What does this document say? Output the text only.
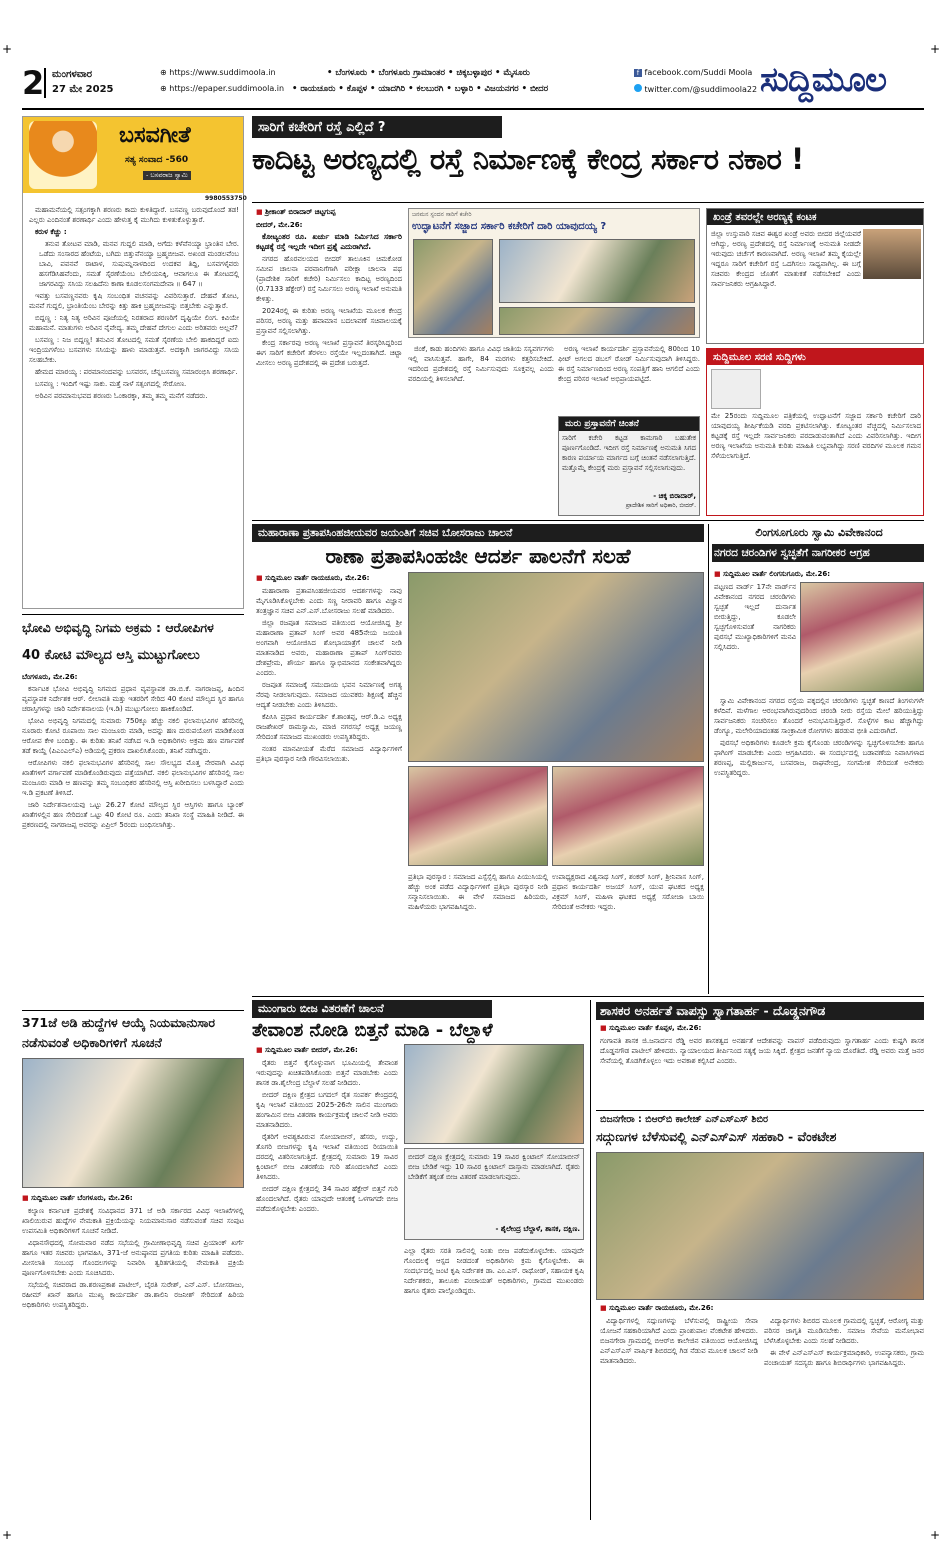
+	+
+	+
2 ಮಂಗಳವಾರ
27 ಮೇ 2025
⊕ https://www.suddimoola.in
⊕ https://epaper.suddimoola.in
• ಬೆಂಗಳೂರು • ಬೆಂಗಳೂರು ಗ್ರಾಮಾಂತರ • ಚಿಕ್ಕಬಳ್ಳಾಪುರ • ಮೈಸೂರು
• ರಾಯಚೂರು • ಕೊಪ್ಪಳ • ಯಾದಗಿರಿ • ಕಲಬುರಗಿ • ಬಳ್ಳಾರಿ • ವಿಜಯನಗರ • ಬೀದರ
f facebook.com/Suddi Moola
twitter.com/@suddimoola22 ಸುದ್ದಿಮೂಲ
ಬಸವಗೀತೆ
ಸತ್ಯ ಸಂವಾದ -560
- ಬಸವರಾಜ ಸ್ವಾಮಿ
9980553750

ಮಹಾಮನೆಯಲ್ಲಿ ಸತ್ಸಂಗಕ್ಕಾಗಿ ಶರಣರು ಕಾದು ಕುಳಿತಿದ್ದಾರೆ. ಬಸವಣ್ಣ ಬರುವುದೊಂದೆ ತಡ! ಎಲ್ಲರು ಎಂದಿನಂತೆ ಶರಣಾರ್ಥಿ ಎಂದು ಹೇಳುತ್ತ ಕೈ ಮುಗಿದು ಕುಳಿತುಕೊಳ್ಳುತ್ತಾರೆ.

ಕರುಳ ಕೆಚ್ಚು :

ತನುವ ತೋಟವ ಮಾಡಿ, ಮನವ ಗುದ್ದಲಿ ಮಾಡಿ, ಅಗೆದು ಕಳೆವೆನಯ್ಯಾ ಭ್ರಾಂತಿನ ಬೇರ. ಒಡೆದು ಸಂಸಾರದ ಹೆಂಟೆಯ, ಬಗಿದು ಬಿತ್ತುವೆನಯ್ಯಾ ಬ್ರಹ್ಮಬೀಜವ. ಅಖಂಡ ಮಂಡಲವೆಂಬ ಬಾವಿ, ಪವನವೆ ರಾಟಾಳ, ಸುಷುಮ್ನನಾಳದಿಂದ ಉದಕವ ತಿದ್ದಿ, ಬಸವಗಳೈವರು ಹಸಗೆಡಿಸಿಹವೆಂದು, ಸಮತೆ ಸೈರಣೆಯೆಂಬ ಬೇಲಿಯನಿಕ್ಕಿ, ಆವಾಗಲೂ ಈ ತೋಟದಲ್ಲಿ ಜಾಗರವಿದ್ದು ಸಸಿಯ ಸಲಹಿದೆನು ಕಾಣಾ ಕೂಡಲಸಂಗಮದೇವಾ ॥ 647 ॥

ಇವತ್ತು ಬಸವಣ್ಣನವರು ಕೃಷಿ ಸಂಬಂಧಿತ ವಚನವನ್ನು ವಿವರಿಸುತ್ತಾರೆ. ದೇಹವೆ ತೋಟ, ಮನವೆ ಗುದ್ದಲಿ, ಭ್ರಾಂತಿಯೆಂಬ ಬೇರನ್ನು ಕಿತ್ತು ಹಾಕಿ ಬ್ರಹ್ಮಬೀಜವನ್ನು ಬಿತ್ತಬೇಕು ಎನ್ನುತ್ತಾರೆ.

ಬಿದ್ದಣ್ಣ : ನಿತ್ಯ ನಿತ್ಯ ಅರಿವಿನ ಪೂಜೆಯಲ್ಲಿ ನಿರತರಾದ ಶರಣರಿಗೆ ದೃಷ್ಟಿಯೇ ಲಿಂಗ. ಕಿವಿಯೇ ಮಹಾಮನೆ. ಮಾತುಗಳು ಅರಿವಿನ ನೈವೇದ್ಯ. ತಮ್ಮ ದೇಹವೆ ದೇಗುಲ ಎಂದು ಅರಿತವರು ಅಲ್ಲವೆ?

ಬಸವಣ್ಣ : ನಿಜ ಬಿದ್ದಣ್ಣ! ತನುವಿನ ತೋಟದಲ್ಲಿ ಸಮತೆ ಸೈರಣೆಯ ಬೇಲಿ ಹಾಕದಿದ್ದರೆ ಐದು ಇಂದ್ರಿಯಗಳೆಂಬ ಬಸವಗಳು ಸಸಿಯನ್ನು ಹಾಳು ಮಾಡುತ್ತವೆ. ಅದಕ್ಕಾಗಿ ಜಾಗರವಿದ್ದು ಸಸಿಯ ಸಲಹಬೇಕು.

ಹೇಮದ ಮಾರಯ್ಯ : ಪರಮಾನಂದವನ್ನು ಬಸವರಸ, ಚೆನ್ನಬಸವಣ್ಣ ಸಮಾರಂಭಿಸಿ ಶರಣಾರ್ಥಿ.

ಬಸವಣ್ಣ : ಇಂದಿಗೆ ಇಷ್ಟು ಸಾಕು. ಮತ್ತೆ ನಾಳೆ ಸತ್ಸಂಗದಲ್ಲಿ ಸೇರೋಣ.

ಅರಿವಿನ ಪರಮಾನುಭವದ ಶರಣರು ಓಂಕಾರಕ್ಕಾ, ತಮ್ಮ ತಮ್ಮ ಮನೆಗೆ ನಡೆದರು.

ಸಾರಿಗೆ ಕಚೇರಿಗೆ ರಸ್ತೆ ಎಲ್ಲಿದೆ ?
ಕಾದಿಟ್ಟ ಅರಣ್ಯದಲ್ಲಿ ರಸ್ತೆ ನಿರ್ಮಾಣಕ್ಕೆ ಕೇಂದ್ರ ಸರ್ಕಾರ ನಕಾರ !
■ ಶ್ರೀಕಾಂತ್ ಬಿರಾದಾರ್ ಚಿಟ್ಟಗುಪ್ಪ

ಬೀದರ್, ಮೇ.26:

ಕೋಟ್ಯಂತರ ರೂ. ಖರ್ಚು ಮಾಡಿ ನಿರ್ಮಿಸಿದ ಸರ್ಕಾರಿ ಕಟ್ಟಡಕ್ಕೆ ರಸ್ತೆ ಇಲ್ಲದೇ ಇದೀಗ ಪ್ರಶ್ನೆ ಎದುರಾಗಿದೆ.

ನಗರದ ಹೊರವಲಯದ ಬೀದರ್ ತಾಲೂಕಿನ ಚಿಮಕೋಡ ಸಮೀಪ ಚಾಲನಾ ಪರವಾನಿಗೆಗಾಗಿ ಪರೀಕ್ಷಾ ಚಾಲನಾ ಪಥ (ಪ್ರಾದೇಶಿಕ ಸಾರಿಗೆ ಕಚೇರಿ) ನಿರ್ಮಿಸಲು ಕಾದಿಟ್ಟ ಅರಣ್ಯದಿಂದ (0.7133 ಹೆಕ್ಟೇರ್) ರಸ್ತೆ ನಿರ್ಮಿಸಲು ಅರಣ್ಯ ಇಲಾಖೆ ಅನುಮತಿ ಕೇಳಿತ್ತು.

2024ರಲ್ಲಿ ಈ ಕುರಿತು ಅರಣ್ಯ ಇಲಾಖೆಯ ಮೂಲಕ ಕೇಂದ್ರ ಪರಿಸರ, ಅರಣ್ಯ ಮತ್ತು ಹವಾಮಾನ ಬದಲಾವಣೆ ಸಚಿವಾಲಯಕ್ಕೆ ಪ್ರಸ್ತಾವನೆ ಸಲ್ಲಿಸಲಾಗಿತ್ತು.

ಕೇಂದ್ರ ಸರ್ಕಾರವು ಅರಣ್ಯ ಇಲಾಖೆ ಪ್ರಸ್ತಾವನೆ ತಿರಸ್ಕರಿಸಿದ್ದರಿಂದ ಈಗ ಸಾರಿಗೆ ಕಚೇರಿಗೆ ತೆರಳಲು ರಸ್ತೆಯೇ ಇಲ್ಲದಂತಾಗಿದೆ. ಚಿಟ್ಟಾ ಮೀಸಲು ಅರಣ್ಯ ಪ್ರದೇಶದಲ್ಲಿ ಈ ಪ್ರದೇಶ ಬರುತ್ತದೆ.

ಜನಮನ ಸ್ಪಂದನ ಸಾರಿಗೆ ಕಚೇರಿ
ಉದ್ಘಾಟನೆಗೆ ಸಜ್ಜಾದ ಸರ್ಕಾರಿ ಕಚೇರಿಗೆ ದಾರಿ ಯಾವುದಯ್ಯ ?

ಜಿಂಕೆ, ಕಾಡು ಹಂದಿಗಳು ಹಾಗೂ ವಿವಿಧ ಜಾತಿಯ ಸಸ್ಯವರ್ಗಗಳು ಇಲ್ಲಿ ವಾಸಿಸುತ್ತವೆ. ಹಾಗೇ, 84 ಮರಗಳು ಕತ್ತರಿಸಬೇಕಿದೆ. ಇದರಿಂದ ಪ್ರದೇಶದಲ್ಲಿ ರಸ್ತೆ ನಿರ್ಮಿಸುವುದು ಸೂಕ್ತವಲ್ಲ ಎಂದು ವರದಿಯಲ್ಲಿ ತಿಳಿಸಲಾಗಿದೆ.

ಅರಣ್ಯ ಇಲಾಖೆ ಕಾರ್ಯದರ್ಶಿ ಪ್ರಸ್ತಾವನೆಯಲ್ಲಿ 80ರಿಂದ 10 ಫೀಟ್ ಅಗಲದ ಡಬಲ್ ರೋಡ್ ನಿರ್ಮಿಸುವುದಾಗಿ ತಿಳಿಸಿದ್ದರು. ಈ ರಸ್ತೆ ನಿರ್ಮಾಣದಿಂದ ಅರಣ್ಯ ಸಂಪತ್ತಿಗೆ ಹಾನಿ ಆಗಲಿದೆ ಎಂದು ಕೇಂದ್ರ ಪರಿಸರ ಇಲಾಖೆ ಅಭಿಪ್ರಾಯಪಟ್ಟಿದೆ.

ಖಂಡ್ರೆ ತವರಲ್ಲೇ ಅರಣ್ಯಕ್ಕೆ ಕಂಟಕ
ಜಿಲ್ಲಾ ಉಸ್ತುವಾರಿ ಸಚಿವ ಈಶ್ವರ ಖಂಡ್ರೆ ಅವರು ಬೀದರ ಜಿಲ್ಲೆಯವರೆ ಆಗಿದ್ದು, ಅರಣ್ಯ ಪ್ರದೇಶದಲ್ಲಿ ರಸ್ತೆ ನಿರ್ಮಾಣಕ್ಕೆ ಅನುಮತಿ ನೀಡದೇ ಇರುವುದು ಚರ್ಚೆಗೆ ಕಾರಣವಾಗಿದೆ. ಅರಣ್ಯ ಇಲಾಖೆ ತಮ್ಮ ಕೈಯಲ್ಲೇ ಇದ್ದರೂ ಸಾರಿಗೆ ಕಚೇರಿಗೆ ರಸ್ತೆ ಒದಗಿಸಲು ಸಾಧ್ಯವಾಗಿಲ್ಲ. ಈ ಬಗ್ಗೆ ಸಚಿವರು ಕೇಂದ್ರದ ಜೊತೆಗೆ ಮಾತುಕತೆ ನಡೆಸಬೇಕಿದೆ ಎಂದು ಸಾರ್ವಜನಿಕರು ಆಗ್ರಹಿಸಿದ್ದಾರೆ.
ಸುದ್ದಿಮೂಲ ಸರಣಿ ಸುದ್ದಿಗಳು
ಮೇ 25ರಂದು ಸುದ್ದಿಮೂಲ ಪತ್ರಿಕೆಯಲ್ಲಿ ಉದ್ಘಾಟನೆಗೆ ಸಜ್ಜಾದ ಸರ್ಕಾರಿ ಕಚೇರಿಗೆ ದಾರಿ ಯಾವುದಯ್ಯ ಶೀರ್ಷಿಕೆಯಡಿ ವರದಿ ಪ್ರಕಟಿಸಲಾಗಿತ್ತು. ಕೋಟ್ಯಂತರ ವೆಚ್ಚದಲ್ಲಿ ನಿರ್ಮಿಸಲಾದ ಕಟ್ಟಡಕ್ಕೆ ರಸ್ತೆ ಇಲ್ಲದೇ ಸಾರ್ವಜನಿಕರು ಪರದಾಡುವಂತಾಗಿದೆ ಎಂದು ವಿವರಿಸಲಾಗಿತ್ತು. ಇದೀಗ ಅರಣ್ಯ ಇಲಾಖೆಯ ಅನುಮತಿ ಕುರಿತು ಮಾಹಿತಿ ಲಭ್ಯವಾಗಿದ್ದು ಸರಣಿ ವರದಿಗಳ ಮೂಲಕ ಗಮನ ಸೆಳೆಯಲಾಗುತ್ತಿದೆ.
ಭೋವಿ ಅಭಿವೃದ್ಧಿ ನಿಗಮ ಅಕ್ರಮ : ಆರೋಪಿಗಳ
40 ಕೋಟಿ ಮೌಲ್ಯದ ಆಸ್ತಿ ಮುಟ್ಟುಗೋಲು

ಬೆಂಗಳೂರು, ಮೇ.26:

ಕರ್ನಾಟಕ ಭೋವಿ ಅಭಿವೃದ್ಧಿ ನಿಗಮದ ಪ್ರಧಾನ ವ್ಯವಸ್ಥಾಪಕ ಡಾ.ಬಿ.ಕೆ. ನಾಗರಾಜಪ್ಪ, ಹಿಂದಿನ ವ್ಯವಸ್ಥಾಪಕ ನಿರ್ದೇಶಕ ಆರ್. ಲೀಲಾವತಿ ಮತ್ತು ಇತರರಿಗೆ ಸೇರಿದ 40 ಕೋಟಿ ಮೌಲ್ಯದ ಸ್ಥಿರ ಹಾಗೂ ಚರಾಸ್ತಿಗಳನ್ನು ಜಾರಿ ನಿರ್ದೇಶನಾಲಯ (ಇ.ಡಿ) ಮುಟ್ಟುಗೋಲು ಹಾಕಿಕೊಂಡಿದೆ.

ಭೋವಿ ಅಭಿವೃದ್ಧಿ ನಿಗಮದಲ್ಲಿ ಸುಮಾರು 750ಕ್ಕೂ ಹೆಚ್ಚು ನಕಲಿ ಫಲಾನುಭವಿಗಳ ಹೆಸರಿನಲ್ಲಿ ನೂರಾರು ಕೋಟಿ ರೂಪಾಯಿ ಸಾಲ ಮಂಜೂರು ಮಾಡಿ, ಅದನ್ನು ಹಣ ದುರುಪಯೋಗ ಮಾಡಿಕೊಂಡ ಆರೋಪ ಕೇಳಿ ಬಂದಿತ್ತು. ಈ ಕುರಿತು ತನಿಖೆ ನಡೆಸಿದ ಇ.ಡಿ ಅಧಿಕಾರಿಗಳು ಅಕ್ರಮ ಹಣ ವರ್ಗಾವಣೆ ತಡೆ ಕಾಯ್ದೆ (ಪಿಎಂಎಲ್‌ಎ) ಅಡಿಯಲ್ಲಿ ಪ್ರಕರಣ ದಾಖಲಿಸಿಕೊಂಡು, ತನಿಖೆ ನಡೆಸಿದ್ದರು.

ಆರೋಪಿಗಳು ನಕಲಿ ಫಲಾನುಭವಿಗಳ ಹೆಸರಿನಲ್ಲಿ ಸಾಲ ಸೌಲಭ್ಯದ ಮೊತ್ತ ನೇರವಾಗಿ ವಿವಿಧ ಖಾತೆಗಳಿಗೆ ವರ್ಗಾವಣೆ ಮಾಡಿಕೊಂಡಿರುವುದು ಪತ್ತೆಯಾಗಿದೆ. ನಕಲಿ ಫಲಾನುಭವಿಗಳ ಹೆಸರಿನಲ್ಲಿ ಸಾಲ ಮಂಜೂರು ಮಾಡಿ ಆ ಹಣವನ್ನು ತಮ್ಮ ಸಂಬಂಧಿಕರ ಹೆಸರಿನಲ್ಲಿ ಆಸ್ತಿ ಖರೀದಿಸಲು ಬಳಸಿದ್ದಾರೆ ಎಂದು ಇ.ಡಿ ಪ್ರಕಟಣೆ ತಿಳಿಸಿದೆ.

ಜಾರಿ ನಿರ್ದೇಶನಾಲಯವು ಒಟ್ಟು 26.27 ಕೋಟಿ ಮೌಲ್ಯದ ಸ್ಥಿರ ಆಸ್ತಿಗಳು ಹಾಗೂ ಬ್ಯಾಂಕ್ ಖಾತೆಗಳಲ್ಲಿನ ಹಣ ಸೇರಿದಂತೆ ಒಟ್ಟು 40 ಕೋಟಿ ರೂ. ಎಂದು ತನಿಖಾ ಸಂಸ್ಥೆ ಮಾಹಿತಿ ನೀಡಿದೆ. ಈ ಪ್ರಕರಣದಲ್ಲಿ ನಾಗರಾಜಪ್ಪ ಅವರನ್ನು ಏಪ್ರಿಲ್ 5ರಂದು ಬಂಧಿಸಲಾಗಿತ್ತು.

371ಜೆ ಅಡಿ ಹುದ್ದೆಗಳ ಆಯ್ಕೆ ನಿಯಮಾನುಸಾರ
ನಡೆಸುವಂತೆ ಅಧಿಕಾರಿಗಳಿಗೆ ಸೂಚನೆ
■ ಸುದ್ದಿಮೂಲ ವಾರ್ತೆ ಬೆಂಗಳೂರು, ಮೇ.26:

ಕಲ್ಯಾಣ ಕರ್ನಾಟಕ ಪ್ರದೇಶಕ್ಕೆ ಸಂವಿಧಾನದ 371 ಜೆ ಅಡಿ ಸರ್ಕಾರದ ವಿವಿಧ ಇಲಾಖೆಗಳಲ್ಲಿ ಖಾಲಿಯಿರುವ ಹುದ್ದೆಗಳ ನೇಮಕಾತಿ ಪ್ರಕ್ರಿಯೆಯನ್ನು ನಿಯಮಾನುಸಾರ ನಡೆಸುವಂತೆ ಸಚಿವ ಸಂಪುಟ ಉಪಸಮಿತಿ ಅಧಿಕಾರಿಗಳಿಗೆ ಸೂಚನೆ ನೀಡಿದೆ.

ವಿಧಾನಸೌಧದಲ್ಲಿ ಸೋಮವಾರ ನಡೆದ ಸಭೆಯಲ್ಲಿ ಗ್ರಾಮೀಣಾಭಿವೃದ್ಧಿ ಸಚಿವ ಪ್ರಿಯಾಂಕ್ ಖರ್ಗೆ ಹಾಗೂ ಇತರ ಸಚಿವರು ಭಾಗವಹಿಸಿ, 371-ಜೆ ಅನುಷ್ಠಾನದ ಪ್ರಗತಿಯ ಕುರಿತು ಮಾಹಿತಿ ಪಡೆದರು. ಮೀಸಲಾತಿ ಸಂಬಂಧ ಗೊಂದಲಗಳನ್ನು ನಿವಾರಿಸಿ ತ್ವರಿತಗತಿಯಲ್ಲಿ ನೇಮಕಾತಿ ಪ್ರಕ್ರಿಯೆ ಪೂರ್ಣಗೊಳಿಸಬೇಕು ಎಂದು ಸೂಚಿಸಿದರು.

ಸಭೆಯಲ್ಲಿ ಸಚಿವರಾದ ಡಾ.ಶರಣಪ್ರಕಾಶ ಪಾಟೀಲ್, ಬೈರತಿ ಸುರೇಶ್, ಎನ್.ಎಸ್. ಬೋಸರಾಜು, ರಹೀಮ್ ಖಾನ್ ಹಾಗೂ ಮುಖ್ಯ ಕಾರ್ಯದರ್ಶಿ ಡಾ.ಶಾಲಿನಿ ರಜನೀಶ್ ಸೇರಿದಂತೆ ಹಿರಿಯ ಅಧಿಕಾರಿಗಳು ಉಪಸ್ಥಿತರಿದ್ದರು.

ಮಹಾರಾಣಾ ಪ್ರತಾಪಸಿಂಹಜೀಯವರ ಜಯಂತಿಗೆ ಸಚಿವ ಬೋಸರಾಜು ಚಾಲನೆ
ರಾಣಾ ಪ್ರತಾಪಸಿಂಹಜೀ ಆದರ್ಶ ಪಾಲನೆಗೆ ಸಲಹೆ
■ ಸುದ್ದಿಮೂಲ ವಾರ್ತೆ ರಾಯಚೂರು, ಮೇ.26:

ಮಹಾರಾಣಾ ಪ್ರತಾಪಸಿಂಹಜೀಯವರ ಆದರ್ಶಗಳನ್ನು ನಾವು ಮೈಗೂಡಿಸಿಕೊಳ್ಳಬೇಕು ಎಂದು ಸಣ್ಣ ನೀರಾವರಿ ಹಾಗೂ ವಿಜ್ಞಾನ ತಂತ್ರಜ್ಞಾನ ಸಚಿವ ಎನ್.ಎಸ್.ಬೋಸರಾಜು ಸಲಹೆ ಮಾಡಿದರು.

ಜಿಲ್ಲಾ ರಜಪೂತ ಸಮಾಜದ ವತಿಯಿಂದ ಆಯೋಜಿಸಿದ್ದ ಶ್ರೀ ಮಹಾರಾಣಾ ಪ್ರತಾಪ್ ಸಿಂಗ್ ಅವರ 485ನೇಯ ಜಯಂತಿ ಅಂಗವಾಗಿ ಆಯೋಜಿಸಿದ ಶೋಭಾಯಾತ್ರೆಗೆ ಚಾಲನೆ ನೀಡಿ ಮಾತನಾಡಿದ ಅವರು, ಮಹಾರಾಣಾ ಪ್ರತಾಪ್ ಸಿಂಗ್‌ರವರು ದೇಶಪ್ರೇಮ, ಶೌರ್ಯ ಹಾಗೂ ಸ್ವಾಭಿಮಾನದ ಸಂಕೇತವಾಗಿದ್ದರು ಎಂದರು.

ರಜಪೂತ ಸಮಾಜಕ್ಕೆ ಸಮುದಾಯ ಭವನ ನಿರ್ಮಾಣಕ್ಕೆ ಅಗತ್ಯ ನೆರವು ನೀಡಲಾಗುವುದು. ಸಮಾಜದ ಯುವಕರು ಶಿಕ್ಷಣಕ್ಕೆ ಹೆಚ್ಚಿನ ಆದ್ಯತೆ ನೀಡಬೇಕು ಎಂದು ತಿಳಿಸಿದರು.

ಕೆಪಿಸಿಸಿ ಪ್ರಧಾನ ಕಾರ್ಯದರ್ಶಿ ಕೆ.ಶಾಂತಪ್ಪ, ಆರ್.ಡಿ.ಎ ಅಧ್ಯಕ್ಷ ರಾಜಶೇಖರ್ ರಾಮಸ್ವಾಮಿ, ಮಾಜಿ ನಗರಸಭೆ ಅಧ್ಯಕ್ಷ ಜಯಣ್ಣ ಸೇರಿದಂತೆ ಸಮಾಜದ ಮುಖಂಡರು ಉಪಸ್ಥಿತರಿದ್ದರು.

ನಂತರ ಮಾನವೀಯತೆ ಮೆರೆದ ಸಮಾಜದ ವಿದ್ಯಾರ್ಥಿಗಳಿಗೆ ಪ್ರತಿಭಾ ಪುರಸ್ಕಾರ ನೀಡಿ ಗೌರವಿಸಲಾಯಿತು.

ಪ್ರತಿಭಾ ಪುರಸ್ಕಾರ : ಸಮಾಜದ ಎಸ್ಸೆಸ್ಸೆಲ್ಸಿ ಹಾಗೂ ಪಿಯುಸಿಯಲ್ಲಿ ಹೆಚ್ಚು ಅಂಕ ಪಡೆದ ವಿದ್ಯಾರ್ಥಿಗಳಿಗೆ ಪ್ರತಿಭಾ ಪುರಸ್ಕಾರ ನೀಡಿ ಸನ್ಮಾನಿಸಲಾಯಿತು. ಈ ವೇಳೆ ಸಮಾಜದ ಹಿರಿಯರು, ಮಹಿಳೆಯರು ಭಾಗವಹಿಸಿದ್ದರು.
ಉಪಾಧ್ಯಕ್ಷರಾದ ವಿಶ್ವನಾಥ ಸಿಂಗ್, ಶಂಕರ್ ಸಿಂಗ್, ಶ್ರೀನಿವಾಸ ಸಿಂಗ್, ಪ್ರಧಾನ ಕಾರ್ಯದರ್ಶಿ ಅಜಯ್ ಸಿಂಗ್, ಯುವ ಘಟಕದ ಅಧ್ಯಕ್ಷ ವಿಕ್ರಮ್ ಸಿಂಗ್, ಮಹಿಳಾ ಘಟಕದ ಅಧ್ಯಕ್ಷೆ ಸರೋಜಾ ಬಾಯಿ ಸೇರಿದಂತೆ ಅನೇಕರು ಇದ್ದರು.
ಲಿಂಗಸೂಗೂರು ಸ್ವಾಮಿ ವಿವೇಕಾನಂದ
ನಗರದ ಚರಂಡಿಗಳ ಸ್ವಚ್ಛತೆಗೆ ನಾಗರೀಕರ ಆಗ್ರಹ
■ ಸುದ್ದಿಮೂಲ ವಾರ್ತೆ ಲಿಂಗಸುಗೂರು, ಮೇ.26:
ಪಟ್ಟಣದ ವಾರ್ಡ್ 17ನೇ ವಾರ್ಡ್‌ನ ವಿವೇಕಾನಂದ ನಗರದ ಚರಂಡಿಗಳು ಸ್ವಚ್ಛತೆ ಇಲ್ಲದೆ ದುರ್ನಾತ ಬೀರುತ್ತಿದ್ದು, ಕೂಡಲೇ ಸ್ವಚ್ಛಗೊಳಿಸುವಂತೆ ನಾಗರಿಕರು ಪುರಸಭೆ ಮುಖ್ಯಾಧಿಕಾರಿಗಳಿಗೆ ಮನವಿ ಸಲ್ಲಿಸಿದರು.

ಸ್ವಾಮಿ ವಿವೇಕಾನಂದ ನಗರದ ರಸ್ತೆಯ ಪಕ್ಕದಲ್ಲಿನ ಚರಂಡಿಗಳು ಸ್ವಚ್ಛತೆ ಕಾಣದೆ ತಿಂಗಳುಗಳೇ ಕಳೆದಿವೆ. ಮಳೆಗಾಲ ಆರಂಭವಾಗಿರುವುದರಿಂದ ಚರಂಡಿ ನೀರು ರಸ್ತೆಯ ಮೇಲೆ ಹರಿಯುತ್ತಿದ್ದು ಸಾರ್ವಜನಿಕರು ಸಂಚರಿಸಲು ತೊಂದರೆ ಅನುಭವಿಸುತ್ತಿದ್ದಾರೆ. ಸೊಳ್ಳೆಗಳ ಕಾಟ ಹೆಚ್ಚಾಗಿದ್ದು ಡೆಂಗ್ಯೂ, ಮಲೇರಿಯಾದಂತಹ ಸಾಂಕ್ರಾಮಿಕ ರೋಗಗಳು ಹರಡುವ ಭೀತಿ ಎದುರಾಗಿದೆ.

ಪುರಸಭೆ ಅಧಿಕಾರಿಗಳು ಕೂಡಲೇ ಕ್ರಮ ಕೈಗೊಂಡು ಚರಂಡಿಗಳನ್ನು ಸ್ವಚ್ಛಗೊಳಿಸಬೇಕು ಹಾಗೂ ಫಾಗಿಂಗ್ ಮಾಡಬೇಕು ಎಂದು ಆಗ್ರಹಿಸಿದರು. ಈ ಸಂದರ್ಭದಲ್ಲಿ ಬಡಾವಣೆಯ ನಿವಾಸಿಗಳಾದ ಶರಣಪ್ಪ, ಮಲ್ಲಿಕಾರ್ಜುನ, ಬಸವರಾಜ, ರಾಘವೇಂದ್ರ, ಸಂಗಮೇಶ ಸೇರಿದಂತೆ ಅನೇಕರು ಉಪಸ್ಥಿತರಿದ್ದರು.

ಮುಂಗಾರು ಬೀಜ ವಿತರಣೆಗೆ ಚಾಲನೆ
ತೇವಾಂಶ ನೋಡಿ ಬಿತ್ತನೆ ಮಾಡಿ - ಬೆಲ್ದಾಳೆ
■ ಸುದ್ದಿಮೂಲ ವಾರ್ತೆ ಬೀದರ್, ಮೇ.26:

ರೈತರು ಬಿತ್ತನೆ ಕೈಗೊಳ್ಳುವಾಗ ಭೂಮಿಯಲ್ಲಿ ತೇವಾಂಶ ಇರುವುದನ್ನು ಖಚಿತಪಡಿಸಿಕೊಂಡು ಬಿತ್ತನೆ ಮಾಡಬೇಕು ಎಂದು ಶಾಸಕ ಡಾ.ಶೈಲೇಂದ್ರ ಬೆಲ್ದಾಳೆ ಸಲಹೆ ನೀಡಿದರು.

ಬೀದರ್ ದಕ್ಷಿಣ ಕ್ಷೇತ್ರದ ಬಗದಲ್ ರೈತ ಸಂಪರ್ಕ ಕೇಂದ್ರದಲ್ಲಿ ಕೃಷಿ ಇಲಾಖೆ ವತಿಯಿಂದ 2025-26ನೇ ಸಾಲಿನ ಮುಂಗಾರು ಹಂಗಾಮಿನ ಬೀಜ ವಿತರಣಾ ಕಾರ್ಯಕ್ರಮಕ್ಕೆ ಚಾಲನೆ ನೀಡಿ ಅವರು ಮಾತನಾಡಿದರು.

ರೈತರಿಗೆ ಅವಶ್ಯಕವಿರುವ ಸೋಯಾಬೀನ್, ಹೆಸರು, ಉದ್ದು, ತೊಗರಿ ಬೀಜಗಳನ್ನು ಕೃಷಿ ಇಲಾಖೆ ವತಿಯಿಂದ ರಿಯಾಯಿತಿ ದರದಲ್ಲಿ ವಿತರಿಸಲಾಗುತ್ತಿದೆ. ಕ್ಷೇತ್ರದಲ್ಲಿ ಸುಮಾರು 19 ಸಾವಿರ ಕ್ವಿಂಟಾಲ್ ಬೀಜ ವಿತರಣೆಯ ಗುರಿ ಹೊಂದಲಾಗಿದೆ ಎಂದು ತಿಳಿಸಿದರು.

ಬೀದರ್ ದಕ್ಷಿಣ ಕ್ಷೇತ್ರದಲ್ಲಿ 34 ಸಾವಿರ ಹೆಕ್ಟೇರ್ ಬಿತ್ತನೆ ಗುರಿ ಹೊಂದಲಾಗಿದೆ. ರೈತರು ಯಾವುದೇ ಆತಂಕಕ್ಕೆ ಒಳಗಾಗದೇ ಬೀಜ ಪಡೆದುಕೊಳ್ಳಬೇಕು ಎಂದರು.

ಬೀದರ್ ದಕ್ಷಿಣ ಕ್ಷೇತ್ರದಲ್ಲಿ ಸುಮಾರು 19 ಸಾವಿರ ಕ್ವಿಂಟಾಲ್ ಸೋಯಾಬೀನ್ ಬೀಜ ಬೇಡಿಕೆ ಇದ್ದು 10 ಸಾವಿರ ಕ್ವಿಂಟಾಲ್ ದಾಸ್ತಾನು ಮಾಡಲಾಗಿದೆ. ರೈತರು ಬೇಡಿಕೆಗೆ ತಕ್ಕಂತೆ ಬೀಜ ವಿತರಣೆ ಮಾಡಲಾಗುವುದು.
- ಶೈಲೇಂದ್ರ ಬೆಲ್ದಾಳೆ, ಶಾಸಕ, ದಕ್ಷಿಣ.
ಎಲ್ಲಾ ರೈತರು ಸರತಿ ಸಾಲಿನಲ್ಲಿ ನಿಂತು ಬೀಜ ಪಡೆದುಕೊಳ್ಳಬೇಕು. ಯಾವುದೇ ಗೊಂದಲಕ್ಕೆ ಆಸ್ಪದ ನೀಡದಂತೆ ಅಧಿಕಾರಿಗಳು ಕ್ರಮ ಕೈಗೊಳ್ಳಬೇಕು. ಈ ಸಂದರ್ಭದಲ್ಲಿ ಜಂಟಿ ಕೃಷಿ ನಿರ್ದೇಶಕ ಡಾ. ಎಂ.ಎಸ್. ರಾಥೋಡ್, ಸಹಾಯಕ ಕೃಷಿ ನಿರ್ದೇಶಕರು, ತಾಲೂಕು ಪಂಚಾಯತ್ ಅಧಿಕಾರಿಗಳು, ಗ್ರಾಮದ ಮುಖಂಡರು ಹಾಗೂ ರೈತರು ಪಾಲ್ಗೊಂಡಿದ್ದರು.
ಶಾಸಕರ ಅನರ್ಹತೆ ವಾಪಸ್ಸು ಸ್ವಾಗತಾರ್ಹ - ದೊಡ್ಡನಗೌಡ
■ ಸುದ್ದಿಮೂಲ ವಾರ್ತೆ ಕೊಪ್ಪಳ, ಮೇ.26:
ಗಂಗಾವತಿ ಶಾಸಕ ಜಿ.ಜನಾರ್ದನ ರೆಡ್ಡಿ ಅವರ ಶಾಸಕತ್ವದ ಅನರ್ಹತೆ ಆದೇಶವನ್ನು ವಾಪಸ್ ಪಡೆದಿರುವುದು ಸ್ವಾಗತಾರ್ಹ ಎಂದು ಕುಷ್ಟಗಿ ಶಾಸಕ ದೊಡ್ಡನಗೌಡ ಪಾಟೀಲ್ ಹೇಳಿದರು. ನ್ಯಾಯಾಲಯದ ತೀರ್ಪಿನಿಂದ ಸತ್ಯಕ್ಕೆ ಜಯ ಸಿಕ್ಕಿದೆ. ಕ್ಷೇತ್ರದ ಜನತೆಗೆ ನ್ಯಾಯ ದೊರೆತಿದೆ. ರೆಡ್ಡಿ ಅವರು ಮತ್ತೆ ಜನರ ಸೇವೆಯಲ್ಲಿ ತೊಡಗಿಕೊಳ್ಳಲು ಇದು ಅವಕಾಶ ಕಲ್ಪಿಸಿದೆ ಎಂದರು.
ಬಿಜನಗೇರಾ : ಬಿಆರ್‌ಬಿ ಕಾಲೇಜ್ ಎನ್‌ಎಸ್‌ಎಸ್ ಶಿಬಿರ
ಸದ್ಗುಣಗಳ ಬೆಳೆಸುವಲ್ಲಿ ಎನ್‌ಎಸ್‌ಎಸ್ ಸಹಕಾರಿ - ವೆಂಕಟೇಶ
■ ಸುದ್ದಿಮೂಲ ವಾರ್ತೆ ರಾಯಚೂರು, ಮೇ.26:

ವಿದ್ಯಾರ್ಥಿಗಳಲ್ಲಿ ಸದ್ಗುಣಗಳನ್ನು ಬೆಳೆಸುವಲ್ಲಿ ರಾಷ್ಟ್ರೀಯ ಸೇವಾ ಯೋಜನೆ ಸಹಕಾರಿಯಾಗಿದೆ ಎಂದು ಪ್ರಾಂಶುಪಾಲ ವೆಂಕಟೇಶ ಹೇಳಿದರು. ಬಿಜನಗೇರಾ ಗ್ರಾಮದಲ್ಲಿ ಬಿಆರ್‌ಬಿ ಕಾಲೇಜಿನ ವತಿಯಿಂದ ಆಯೋಜಿಸಿದ್ದ ಎನ್‌ಎಸ್‌ಎಸ್ ವಾರ್ಷಿಕ ಶಿಬಿರದಲ್ಲಿ ಗಿಡ ನೆಡುವ ಮೂಲಕ ಚಾಲನೆ ನೀಡಿ ಮಾತನಾಡಿದರು.

ವಿದ್ಯಾರ್ಥಿಗಳು ಶಿಬಿರದ ಮೂಲಕ ಗ್ರಾಮದಲ್ಲಿ ಸ್ವಚ್ಛತೆ, ಆರೋಗ್ಯ ಮತ್ತು ಪರಿಸರ ಜಾಗೃತಿ ಮೂಡಿಸಬೇಕು. ಸಮಾಜ ಸೇವೆಯ ಮನೋಭಾವ ಬೆಳೆಸಿಕೊಳ್ಳಬೇಕು ಎಂದು ಸಲಹೆ ನೀಡಿದರು.

ಈ ವೇಳೆ ಎನ್‌ಎಸ್‌ಎಸ್ ಕಾರ್ಯಕ್ರಮಾಧಿಕಾರಿ, ಉಪನ್ಯಾಸಕರು, ಗ್ರಾಮ ಪಂಚಾಯತ್ ಸದಸ್ಯರು ಹಾಗೂ ಶಿಬಿರಾರ್ಥಿಗಳು ಭಾಗವಹಿಸಿದ್ದರು.

ಮರು ಪ್ರಸ್ತಾವನೆಗೆ ಚಿಂತನೆ
ಸಾರಿಗೆ ಕಚೇರಿ ಕಟ್ಟಡ ಕಾಮಗಾರಿ ಬಹುತೇಕ ಪೂರ್ಣಗೊಂಡಿದೆ. ಇದೀಗ ರಸ್ತೆ ನಿರ್ಮಾಣಕ್ಕೆ ಅನುಮತಿ ಸಿಗದ ಕಾರಣ ಪರ್ಯಾಯ ಮಾರ್ಗದ ಬಗ್ಗೆ ಚಿಂತನೆ ನಡೆಸಲಾಗುತ್ತಿದೆ. ಮತ್ತೊಮ್ಮೆ ಕೇಂದ್ರಕ್ಕೆ ಮರು ಪ್ರಸ್ತಾವನೆ ಸಲ್ಲಿಸಲಾಗುವುದು.
- ಚಿಕ್ಕ ಬಿರಾದಾರ್,
ಪ್ರಾದೇಶಿಕ ಸಾರಿಗೆ ಅಧಿಕಾರಿ, ಬೀದರ್.
